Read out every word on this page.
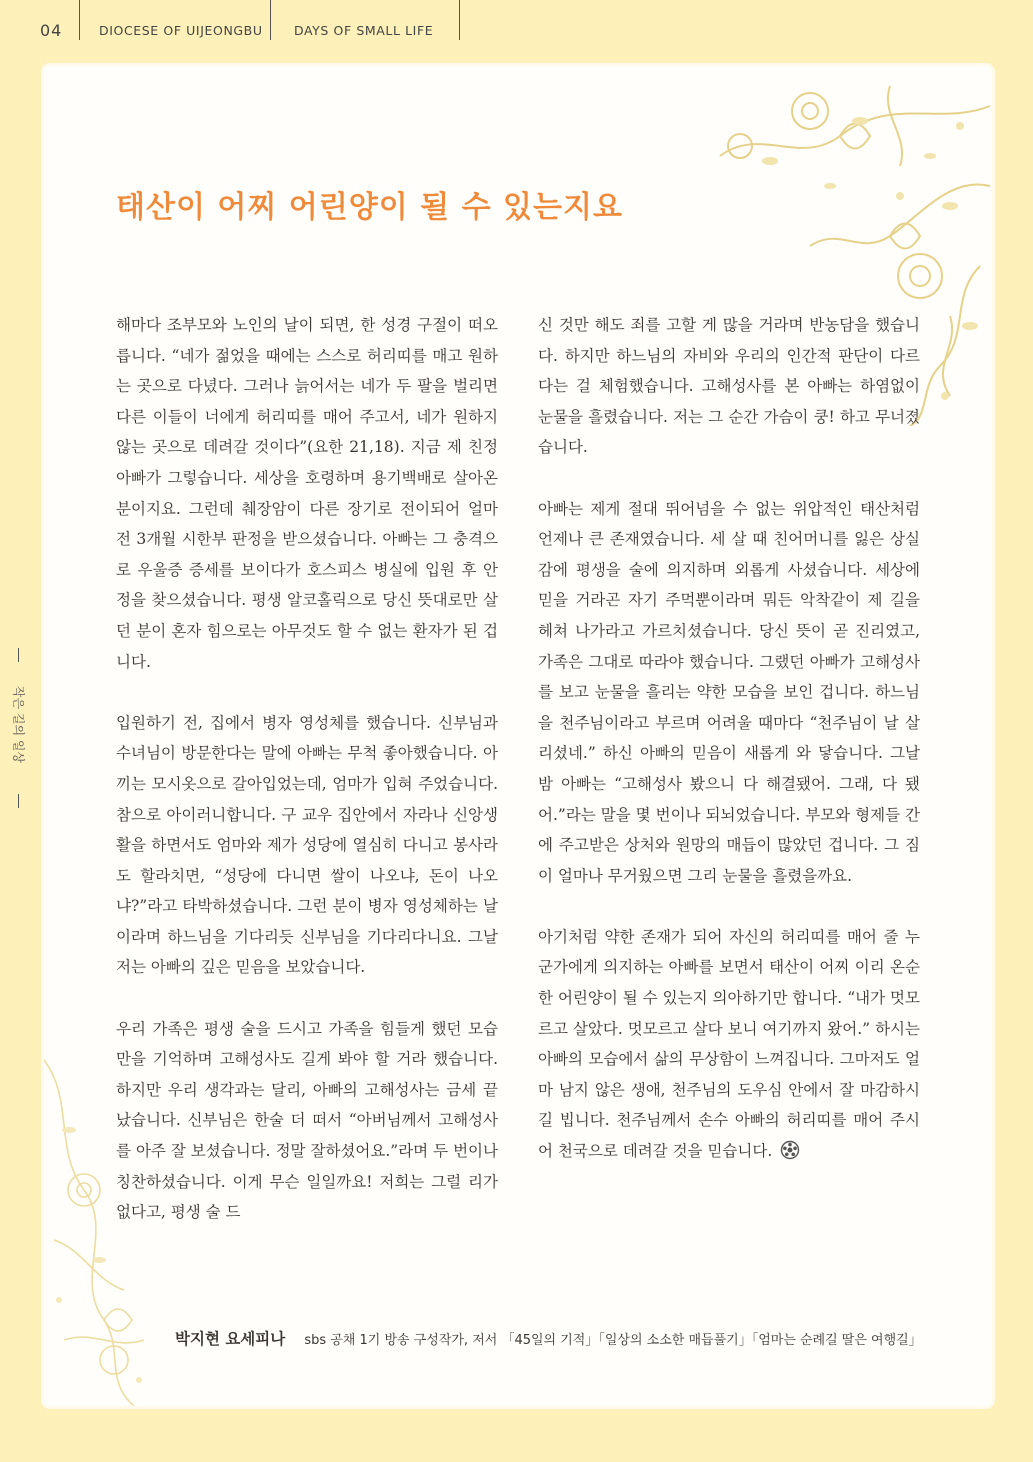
04	DIOCESE OF UIJEONGBU	DAYS OF SMALL LIFE
작은 길의 일상
태산이 어찌 어린양이 될 수 있는지요

해마다 조부모와 노인의 날이 되면, 한 성경 구절이 떠오릅니다. “네가 젊었을 때에는 스스로 허리띠를 매고 원하는 곳으로 다녔다. 그러나 늙어서는 네가 두 팔을 벌리면 다른 이들이 너에게 허리띠를 매어 주고서, 네가 원하지 않는 곳으로 데려갈 것이다”(요한 21,18). 지금 제 친정 아빠가 그렇습니다. 세상을 호령하며 용기백배로 살아온 분이지요. 그런데 췌장암이 다른 장기로 전이되어 얼마 전 3개월 시한부 판정을 받으셨습니다. 아빠는 그 충격으로 우울증 증세를 보이다가 호스피스 병실에 입원 후 안정을 찾으셨습니다. 평생 알코홀릭으로 당신 뜻대로만 살던 분이 혼자 힘으로는 아무것도 할 수 없는 환자가 된 겁니다.

입원하기 전, 집에서 병자 영성체를 했습니다. 신부님과 수녀님이 방문한다는 말에 아빠는 무척 좋아했습니다. 아끼는 모시옷으로 갈아입었는데, 엄마가 입혀 주었습니다. 참으로 아이러니합니다. 구 교우 집안에서 자라나 신앙생활을 하면서도 엄마와 제가 성당에 열심히 다니고 봉사라도 할라치면, “성당에 다니면 쌀이 나오냐, 돈이 나오냐?”라고 타박하셨습니다. 그런 분이 병자 영성체하는 날이라며 하느님을 기다리듯 신부님을 기다리다니요. 그날 저는 아빠의 깊은 믿음을 보았습니다.

우리 가족은 평생 술을 드시고 가족을 힘들게 했던 모습만을 기억하며 고해성사도 길게 봐야 할 거라 했습니다. 하지만 우리 생각과는 달리, 아빠의 고해성사는 금세 끝났습니다. 신부님은 한술 더 떠서 “아버님께서 고해성사를 아주 잘 보셨습니다. 정말 잘하셨어요.”라며 두 번이나 칭찬하셨습니다. 이게 무슨 일일까요! 저희는 그럴 리가 없다고, 평생 술 드

신 것만 해도 죄를 고할 게 많을 거라며 반농담을 했습니다. 하지만 하느님의 자비와 우리의 인간적 판단이 다르다는 걸 체험했습니다. 고해성사를 본 아빠는 하염없이 눈물을 흘렸습니다. 저는 그 순간 가슴이 쿵! 하고 무너졌습니다.

아빠는 제게 절대 뛰어넘을 수 없는 위압적인 태산처럼 언제나 큰 존재였습니다. 세 살 때 친어머니를 잃은 상실감에 평생을 술에 의지하며 외롭게 사셨습니다. 세상에 믿을 거라곤 자기 주먹뿐이라며 뭐든 악착같이 제 길을 헤쳐 나가라고 가르치셨습니다. 당신 뜻이 곧 진리였고, 가족은 그대로 따라야 했습니다. 그랬던 아빠가 고해성사를 보고 눈물을 흘리는 약한 모습을 보인 겁니다. 하느님을 천주님이라고 부르며 어려울 때마다 “천주님이 날 살리셨네.” 하신 아빠의 믿음이 새롭게 와 닿습니다. 그날 밤 아빠는 “고해성사 봤으니 다 해결됐어. 그래, 다 됐어.”라는 말을 몇 번이나 되뇌었습니다. 부모와 형제들 간에 주고받은 상처와 원망의 매듭이 많았던 겁니다. 그 짐이 얼마나 무거웠으면 그리 눈물을 흘렸을까요.

아기처럼 약한 존재가 되어 자신의 허리띠를 매어 줄 누군가에게 의지하는 아빠를 보면서 태산이 어찌 이리 온순한 어린양이 될 수 있는지 의아하기만 합니다. “내가 멋모르고 살았다. 멋모르고 살다 보니 여기까지 왔어.” 하시는 아빠의 모습에서 삶의 무상함이 느껴집니다. 그마저도 얼마 남지 않은 생애, 천주님의 도우심 안에서 잘 마감하시길 빕니다. 천주님께서 손수 아빠의 허리띠를 매어 주시어 천국으로 데려갈 것을 믿습니다.

박지현 요세피나 sbs 공채 1기 방송 구성작가, 저서 「45일의 기적」「일상의 소소한 매듭풀기」「엄마는 순례길 딸은 여행길」
